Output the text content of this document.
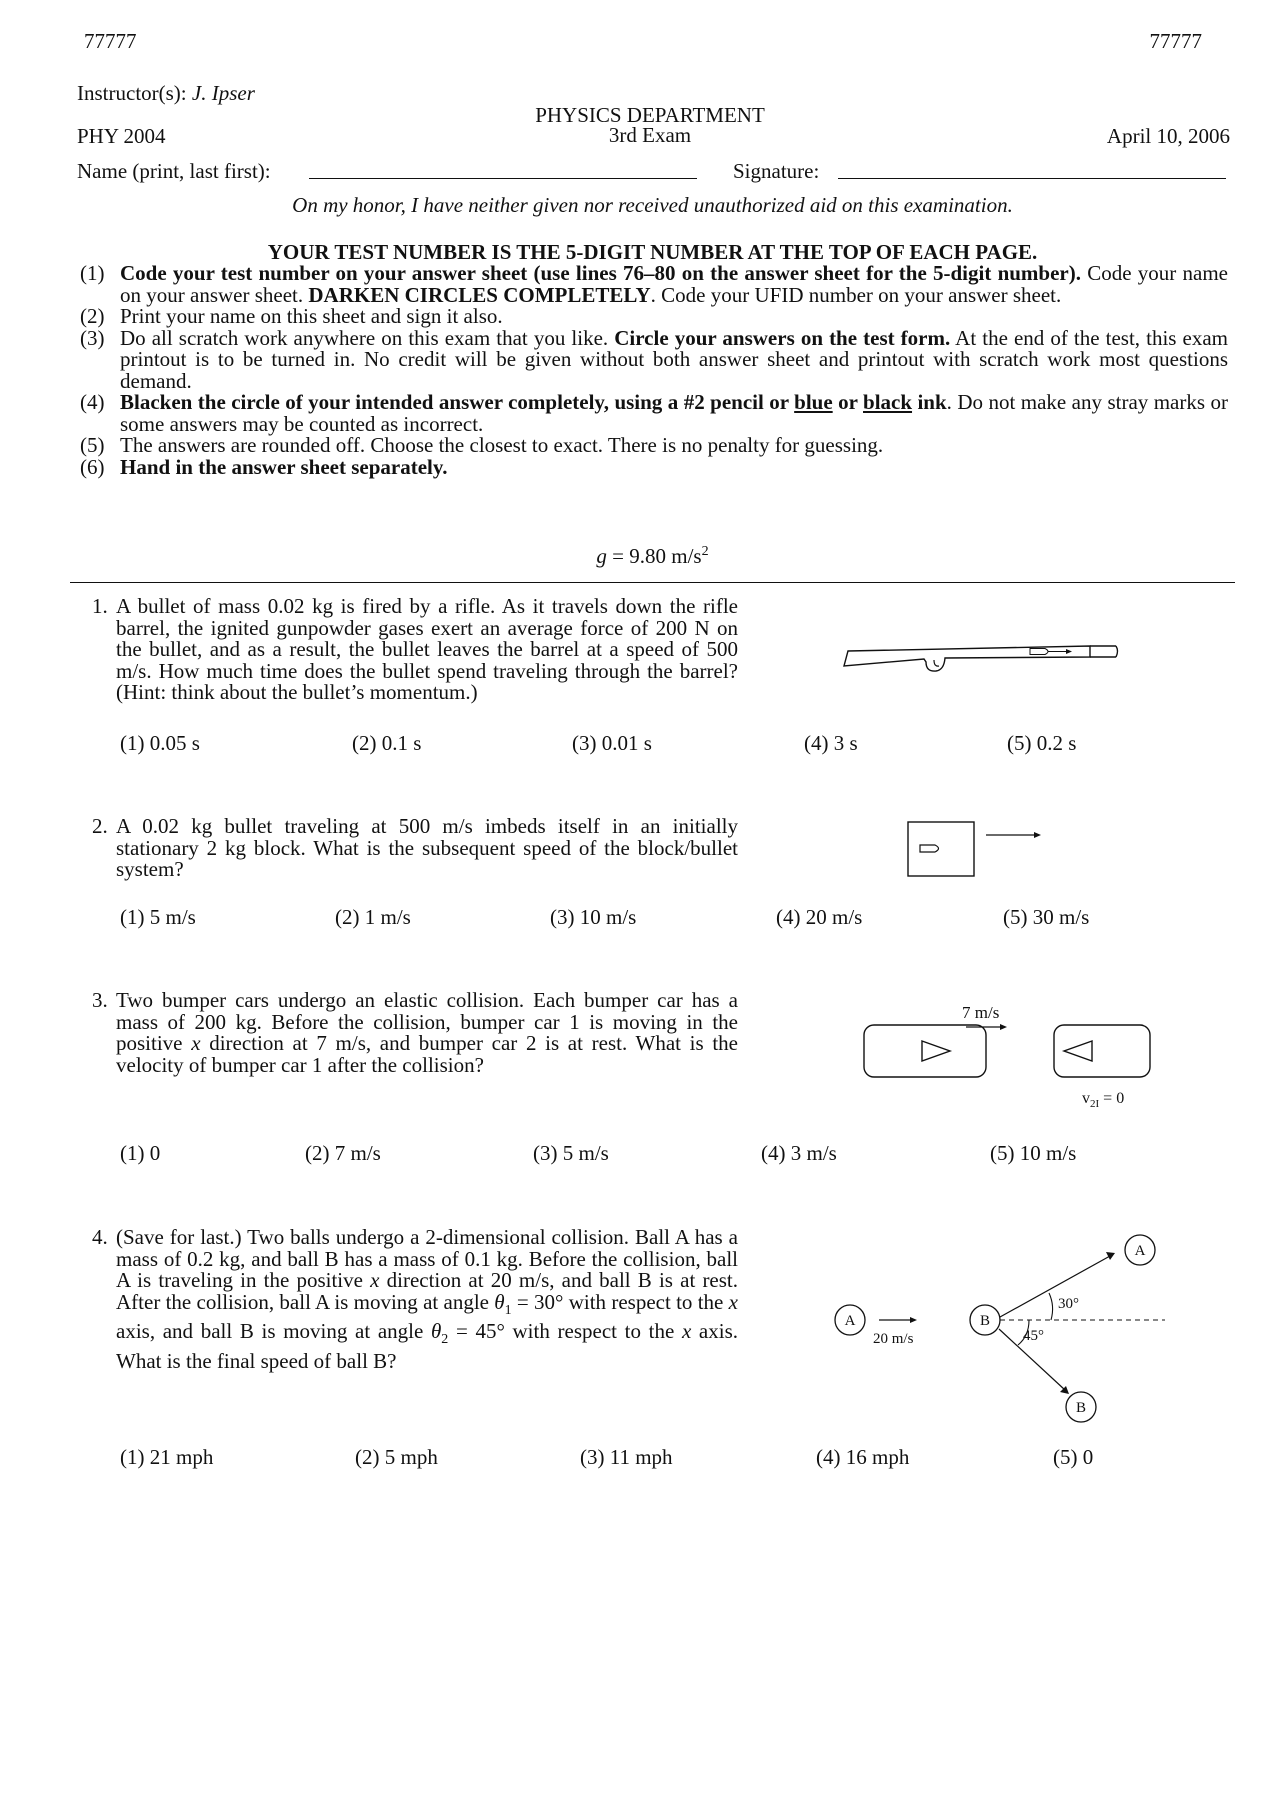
77777	77777
Instructor(s): J. Ipser
PHYSICS DEPARTMENT
3rd Exam
PHY 2004	April 10, 2006
Name (print, last first):	Signature:
On my honor, I have neither given nor received unauthorized aid on this examination.
YOUR TEST NUMBER IS THE 5-DIGIT NUMBER AT THE TOP OF EACH PAGE.
(1) Code your test number on your answer sheet (use lines 76–80 on the answer sheet for the 5-digit number). Code your name on your answer sheet. DARKEN CIRCLES COMPLETELY. Code your UFID number on your answer sheet.
(2) Print your name on this sheet and sign it also.
(3) Do all scratch work anywhere on this exam that you like. Circle your answers on the test form. At the end of the test, this exam printout is to be turned in. No credit will be given without both answer sheet and printout with scratch work most questions demand.
(4) Blacken the circle of your intended answer completely, using a #2 pencil or blue or black ink. Do not make any stray marks or some answers may be counted as incorrect.
(5) The answers are rounded off. Choose the closest to exact. There is no penalty for guessing.
(6) Hand in the answer sheet separately.
g = 9.80 $m/s^2$
1. A bullet of mass 0.02 kg is fired by a rifle. As it travels down the rifle barrel, the ignited gunpowder gases exert an average force of 200 N on the bullet, and as a result, the bullet leaves the barrel at a speed of 500 m/s. How much time does the bullet spend traveling through the barrel? (Hint: think about the bullet’s momentum.)
(1) 0.05 s	(2) 0.1 s	(3) 0.01 s	(4) 3 s	(5) 0.2 s
2. A 0.02 kg bullet traveling at 500 m/s imbeds itself in an initially stationary 2 kg block. What is the subsequent speed of the block/bullet system?
(1) 5 m/s	(2) 1 m/s	(3) 10 m/s	(4) 20 m/s	(5) 30 m/s
3. Two bumper cars undergo an elastic collision. Each bumper car has a mass of 200 kg. Before the collision, bumper car 1 is moving in the positive x direction at 7 m/s, and bumper car 2 is at rest. What is the velocity of bumper car 1 after the collision?
7 m/s
$v_{2I} = 0$
(1) 0	(2) 7 m/s	(3) 5 m/s	(4) 3 m/s	(5) 10 m/s
4. (Save for last.) Two balls undergo a 2-dimensional collision. Ball A has a mass of 0.2 kg, and ball B has a mass of 0.1 kg. Before the collision, ball A is traveling in the positive x direction at 20 m/s, and ball B is at rest. After the collision, ball A is moving at angle $\theta_1 = 30^\circ$ with respect to the x axis, and ball B is moving at angle $\theta_2 = 45^\circ$ with respect to the x axis. What is the final speed of ball B?
A
20 m/s
B
30°
45°
A
B
(1) 21 mph	(2) 5 mph	(3) 11 mph	(4) 16 mph	(5) 0
